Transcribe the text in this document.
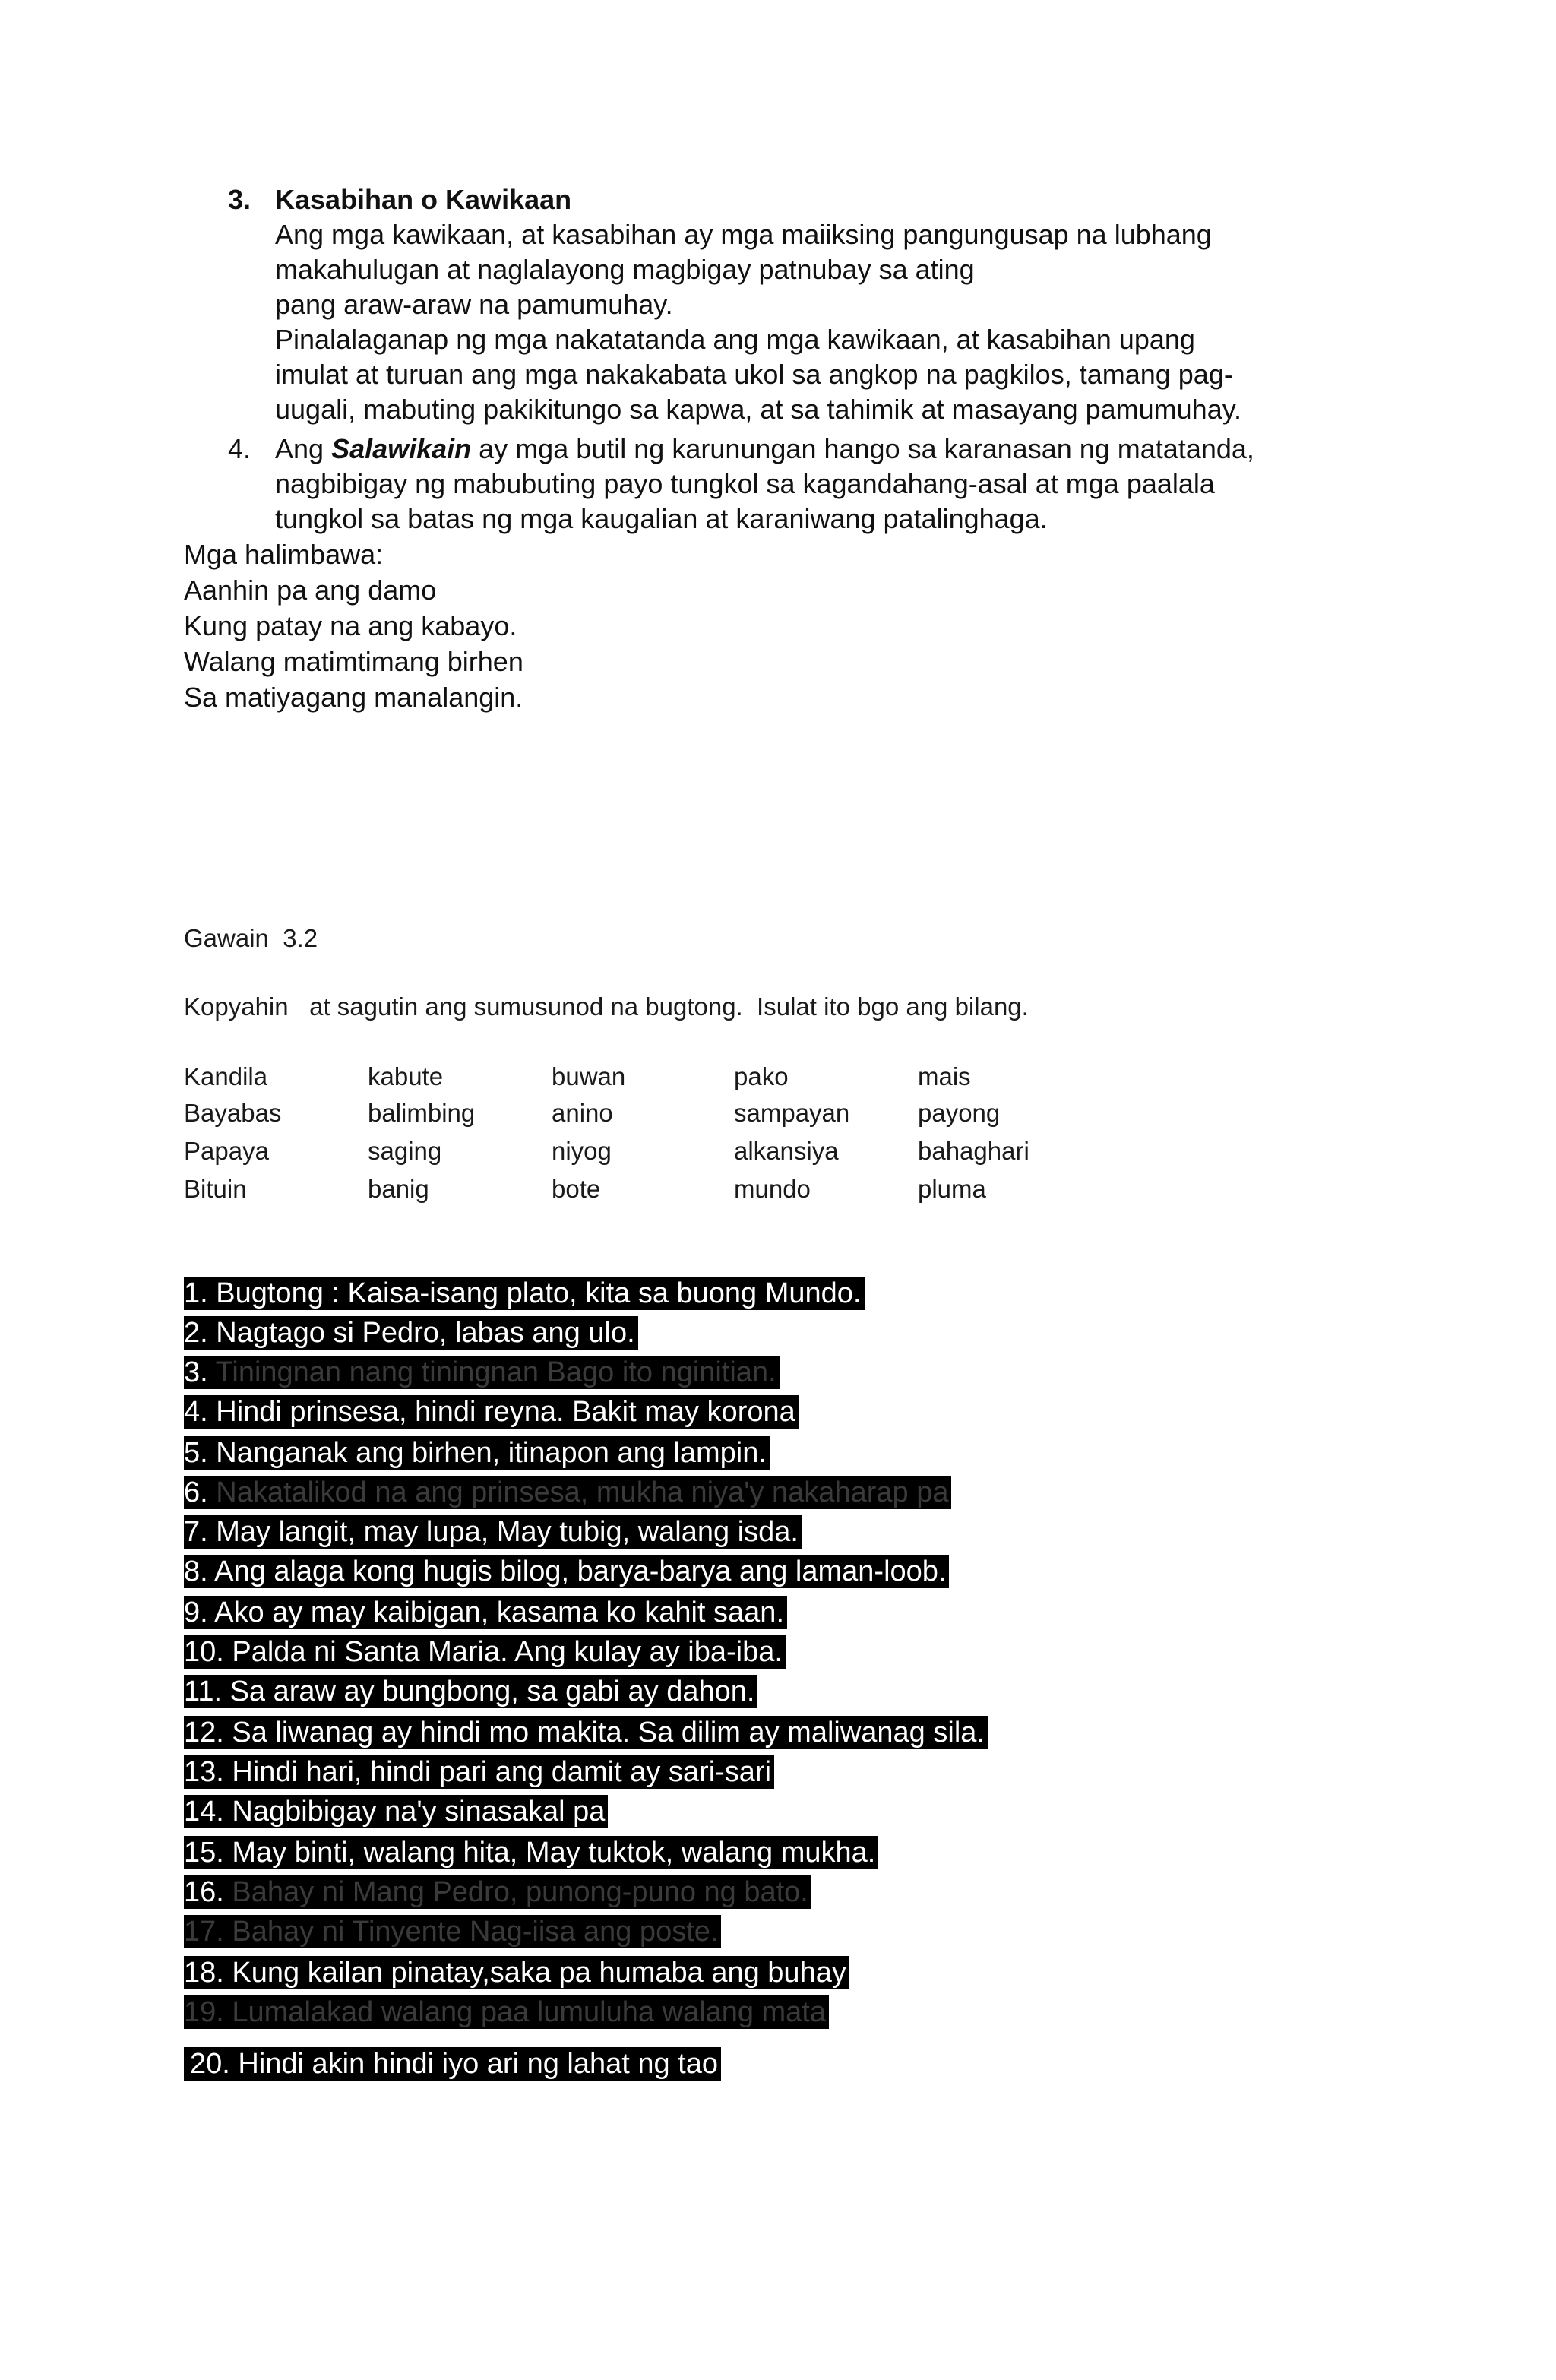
3. Kasabihan o Kawikaan
Ang mga kawikaan, at kasabihan ay mga maiiksing pangungusap na lubhang
makahulugan at naglalayong magbigay patnubay sa ating
pang araw-araw na pamumuhay.
Pinalalaganap ng mga nakatatanda ang mga kawikaan, at kasabihan upang
imulat at turuan ang mga nakakabata ukol sa angkop na pagkilos, tamang pag-
uugali, mabuting pakikitungo sa kapwa, at sa tahimik at masayang pamumuhay.
4. Ang Salawikain ay mga butil ng karunungan hango sa karanasan ng matatanda,
nagbibigay ng mabubuting payo tungkol sa kagandahang-asal at mga paalala
tungkol sa batas ng mga kaugalian at karaniwang patalinghaga.
Mga halimbawa:
Aanhin pa ang damo
Kung patay na ang kabayo.
Walang matimtimang birhen
Sa matiyagang manalangin.
Gawain  3.2
Kopyahin   at sagutin ang sumusunod na bugtong.  Isulat ito bgo ang bilang.
Kandila	kabute	buwan	pako	mais
Bayabas	balimbing	anino	sampayan	payong
Papaya	saging	niyog	alkansiya	bahaghari
Bituin	banig	bote	mundo	pluma
1. Bugtong : Kaisa-isang plato, kita sa buong Mundo.
2. Nagtago si Pedro, labas ang ulo.
3. Tiningnan nang tiningnan Bago ito nginitian.
4. Hindi prinsesa, hindi reyna. Bakit may korona
5. Nanganak ang birhen, itinapon ang lampin.
6. Nakatalikod na ang prinsesa, mukha niya'y nakaharap pa
7. May langit, may lupa, May tubig, walang isda.
8. Ang alaga kong hugis bilog, barya-barya ang laman-loob.
9. Ako ay may kaibigan, kasama ko kahit saan.
10. Palda ni Santa Maria. Ang kulay ay iba-iba.
11. Sa araw ay bungbong, sa gabi ay dahon.
12. Sa liwanag ay hindi mo makita. Sa dilim ay maliwanag sila.
13. Hindi hari, hindi pari ang damit ay sari-sari
14. Nagbibigay na'y sinasakal pa
15. May binti, walang hita, May tuktok, walang mukha.
16. Bahay ni Mang Pedro, punong-puno ng bato.
17. Bahay ni Tinyente Nag-iisa ang poste.
18. Kung kailan pinatay,saka pa humaba ang buhay
19. Lumalakad walang paa lumuluha walang mata
20. Hindi akin hindi iyo ari ng lahat ng tao
